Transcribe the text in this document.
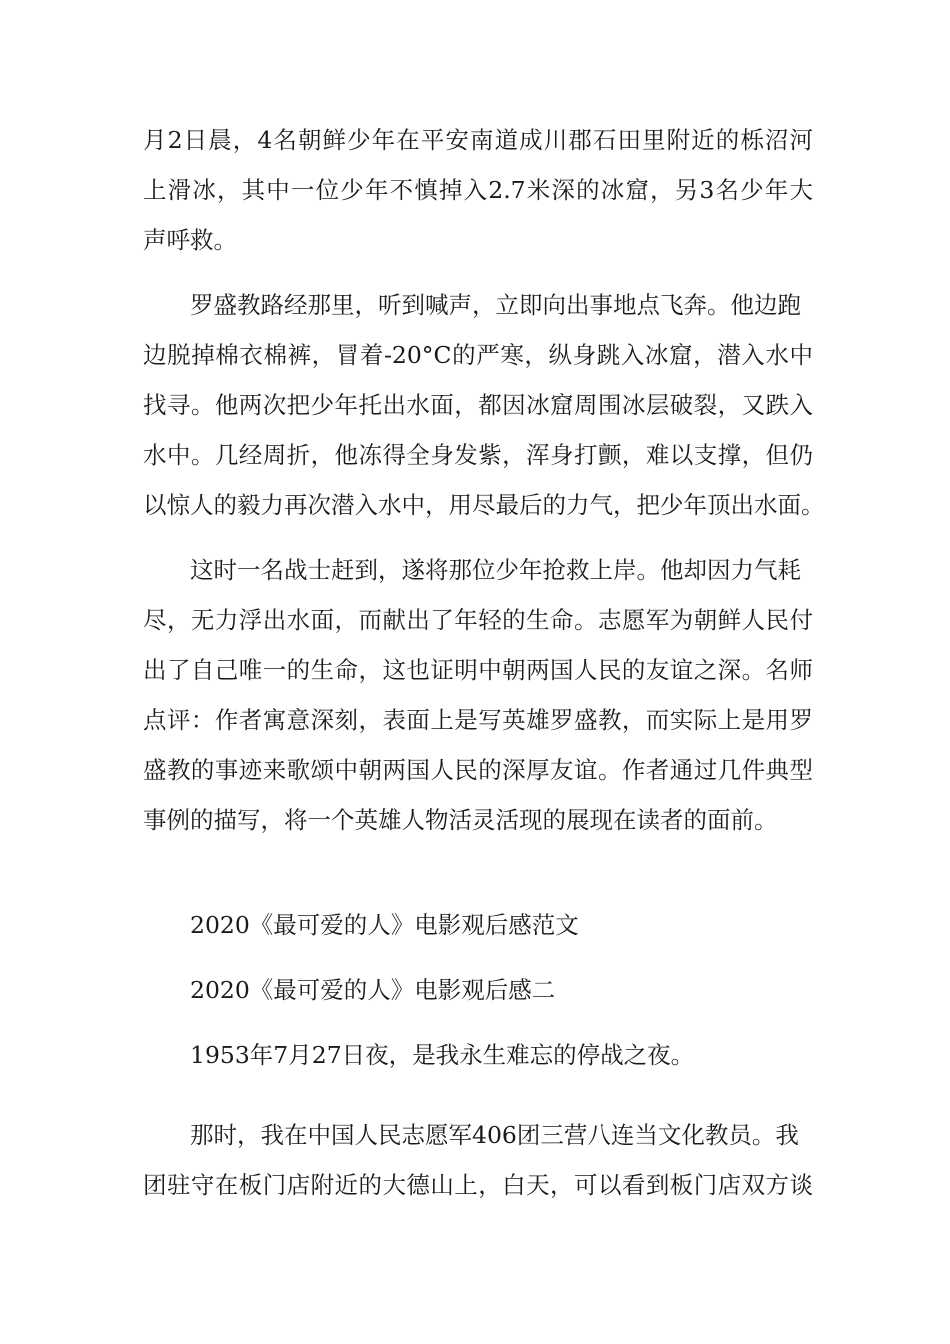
月2日晨，4名朝鲜少年在平安南道成川郡石田里附近的栎沼河
上滑冰，其中一位少年不慎掉入2.7米深的冰窟，另3名少年大
声呼救。
罗盛教路经那里，听到喊声，立即向出事地点飞奔。他边跑
边脱掉棉衣棉裤，冒着-20°C的严寒，纵身跳入冰窟，潜入水中
找寻。他两次把少年托出水面，都因冰窟周围冰层破裂，又跌入
水中。几经周折，他冻得全身发紫，浑身打颤，难以支撑，但仍
以惊人的毅力再次潜入水中，用尽最后的力气，把少年顶出水面。
这时一名战士赶到，遂将那位少年抢救上岸。他却因力气耗
尽，无力浮出水面，而献出了年轻的生命。志愿军为朝鲜人民付
出了自己唯一的生命，这也证明中朝两国人民的友谊之深。名师
点评：作者寓意深刻，表面上是写英雄罗盛教，而实际上是用罗
盛教的事迹来歌颂中朝两国人民的深厚友谊。作者通过几件典型
事例的描写，将一个英雄人物活灵活现的展现在读者的面前。
2020《最可爱的人》电影观后感范文
2020《最可爱的人》电影观后感二
1953年7月27日夜，是我永生难忘的停战之夜。
那时，我在中国人民志愿军406团三营八连当文化教员。我
团驻守在板门店附近的大德山上，白天，可以看到板门店双方谈
